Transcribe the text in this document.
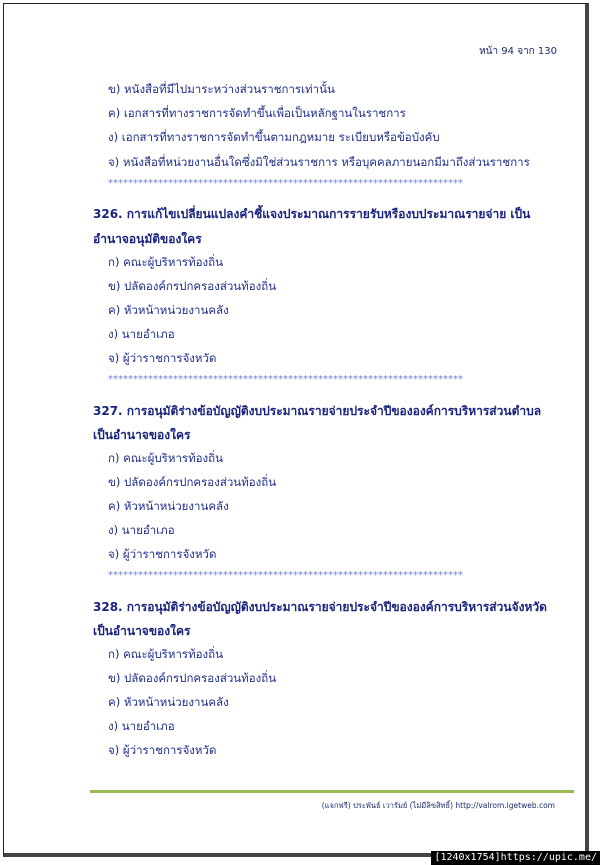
หน้า 94 จาก 130
ข) หนังสือที่มีไปมาระหว่างส่วนราชการเท่านั้น
ค) เอกสารที่ทางราชการจัดทำขึ้นเพื่อเป็นหลักฐานในราชการ
ง) เอกสารที่ทางราชการจัดทำขึ้นตามกฎหมาย ระเบียบหรือข้อบังคับ
จ) หนังสือที่หน่วยงานอื่นใดซึ่งมิใช่ส่วนราชการ หรือบุคคลภายนอกมีมาถึงส่วนราชการ
***********************************************************************
326. การแก้ไขเปลี่ยนแปลงคำชี้แจงประมาณการรายรับหรืองบประมาณรายจ่าย เป็น
อำนาจอนุมัติของใคร
ก) คณะผู้บริหารท้องถิ่น
ข) ปลัดองค์กรปกครองส่วนท้องถิ่น
ค) หัวหน้าหน่วยงานคลัง
ง) นายอำเภอ
จ) ผู้ว่าราชการจังหวัด
***********************************************************************
327. การอนุมัติร่างข้อบัญญัติงบประมาณรายจ่ายประจำปีขององค์การบริหารส่วนตำบล
เป็นอำนาจของใคร
ก) คณะผู้บริหารท้องถิ่น
ข) ปลัดองค์กรปกครองส่วนท้องถิ่น
ค) หัวหน้าหน่วยงานคลัง
ง) นายอำเภอ
จ) ผู้ว่าราชการจังหวัด
***********************************************************************
328. การอนุมัติร่างข้อบัญญัติงบประมาณรายจ่ายประจำปีขององค์การบริหารส่วนจังหวัด
เป็นอำนาจของใคร
ก) คณะผู้บริหารท้องถิ่น
ข) ปลัดองค์กรปกครองส่วนท้องถิ่น
ค) หัวหน้าหน่วยงานคลัง
ง) นายอำเภอ
จ) ผู้ว่าราชการจังหวัด
(แจกฟรี) ประพันธ์ เวารัมย์ (ไม่มีลิขสิทธิ์) http://valrom.igetweb.com
[1240x1754]https://upic.me/
